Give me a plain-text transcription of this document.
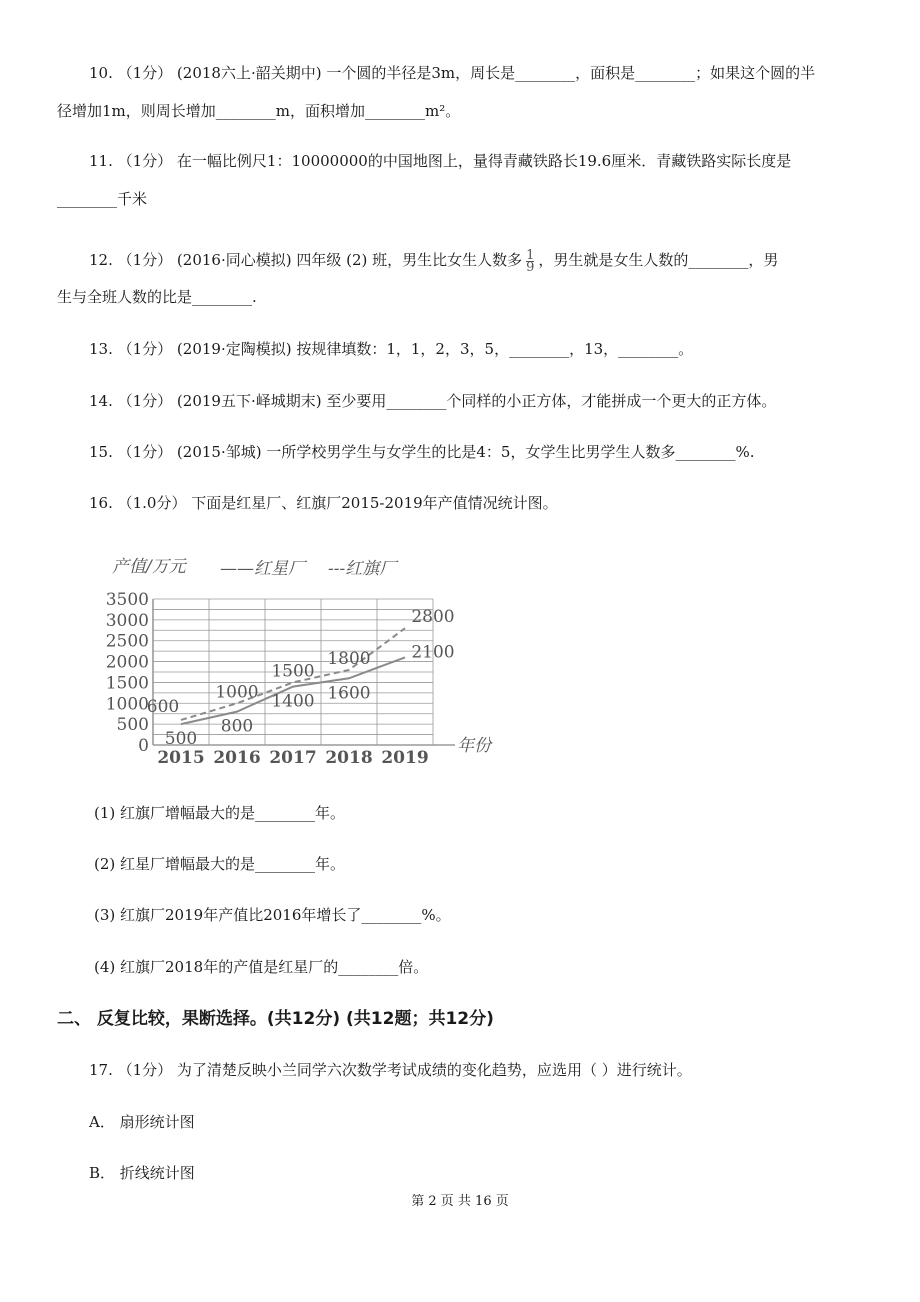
10. （1分） (2018六上·韶关期中) 一个圆的半径是3m，周长是________，面积是________；如果这个圆的半
径增加1m，则周长增加________m，面积增加________m²。
11. （1分） 在一幅比例尺1：10000000的中国地图上，量得青藏铁路长19.6厘米．青藏铁路实际长度是
________千米
12. （1分） (2016·同心模拟) 四年级 (2) 班，男生比女生人数多 $\frac{1}{9}$ ，男生就是女生人数的________，男
生与全班人数的比是________.
13. （1分） (2019·定陶模拟) 按规律填数：1，1，2，3，5，________，13，________。
14. （1分） (2019五下·峄城期末) 至少要用________个同样的小正方体，才能拼成一个更大的正方体。
15. （1分） (2015·邹城) 一所学校男学生与女学生的比是4：5，女学生比男学生人数多________%.
16. （1.0分） 下面是红星厂、红旗厂2015-2019年产值情况统计图。
0
500
1000
1500
2000
2500
3000
3500
2015 2016 2017 2018 2019
产值/万元 ——红星厂 ---红旗厂
年份
500
800
1400 1600
2100
600
1000
1500
1800
2800
(1) 红旗厂增幅最大的是________年。
(2) 红星厂增幅最大的是________年。
(3) 红旗厂2019年产值比2016年增长了________%。
(4) 红旗厂2018年的产值是红星厂的________倍。
二、 反复比较，果断选择。(共12分) (共12题；共12分)
17. （1分） 为了清楚反映小兰同学六次数学考试成绩的变化趋势，应选用（ ）进行统计。
A． 扇形统计图
B． 折线统计图
第 2 页 共 16 页
